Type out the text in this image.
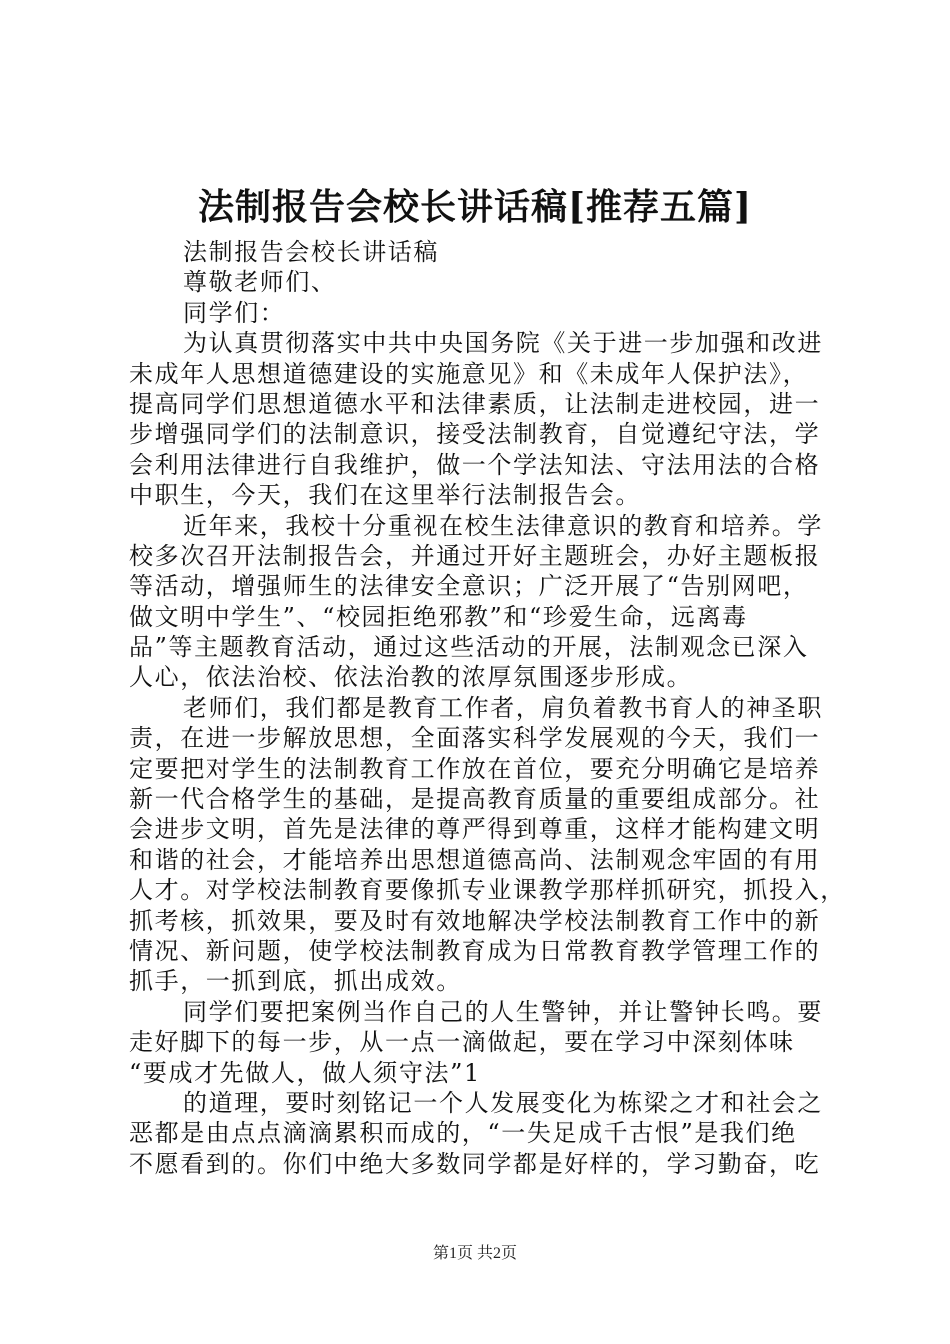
法制报告会校长讲话稿[推荐五篇]
法制报告会校长讲话稿
尊敬老师们、
同学们：
为认真贯彻落实中共中央国务院《关于进一步加强和改进
未成年人思想道德建设的实施意见》和《未成年人保护法》，
提高同学们思想道德水平和法律素质，让法制走进校园，进一
步增强同学们的法制意识，接受法制教育，自觉遵纪守法，学
会利用法律进行自我维护，做一个学法知法、守法用法的合格
中职生，今天，我们在这里举行法制报告会。
近年来，我校十分重视在校生法律意识的教育和培养。学
校多次召开法制报告会，并通过开好主题班会，办好主题板报
等活动，增强师生的法律安全意识；广泛开展了“告别网吧，
做文明中学生”、“校园拒绝邪教”和“珍爱生命，远离毒
品”等主题教育活动，通过这些活动的开展，法制观念已深入
人心，依法治校、依法治教的浓厚氛围逐步形成。
老师们，我们都是教育工作者，肩负着教书育人的神圣职
责，在进一步解放思想，全面落实科学发展观的今天，我们一
定要把对学生的法制教育工作放在首位，要充分明确它是培养
新一代合格学生的基础，是提高教育质量的重要组成部分。社
会进步文明，首先是法律的尊严得到尊重，这样才能构建文明
和谐的社会，才能培养出思想道德高尚、法制观念牢固的有用
人才。对学校法制教育要像抓专业课教学那样抓研究，抓投入，
抓考核，抓效果，要及时有效地解决学校法制教育工作中的新
情况、新问题，使学校法制教育成为日常教育教学管理工作的
抓手，一抓到底，抓出成效。
同学们要把案例当作自己的人生警钟，并让警钟长鸣。要
走好脚下的每一步，从一点一滴做起，要在学习中深刻体味
“要成才先做人，做人须守法”1
的道理，要时刻铭记一个人发展变化为栋梁之才和社会之
恶都是由点点滴滴累积而成的，“一失足成千古恨”是我们绝
不愿看到的。你们中绝大多数同学都是好样的，学习勤奋，吃
第1页 共2页
